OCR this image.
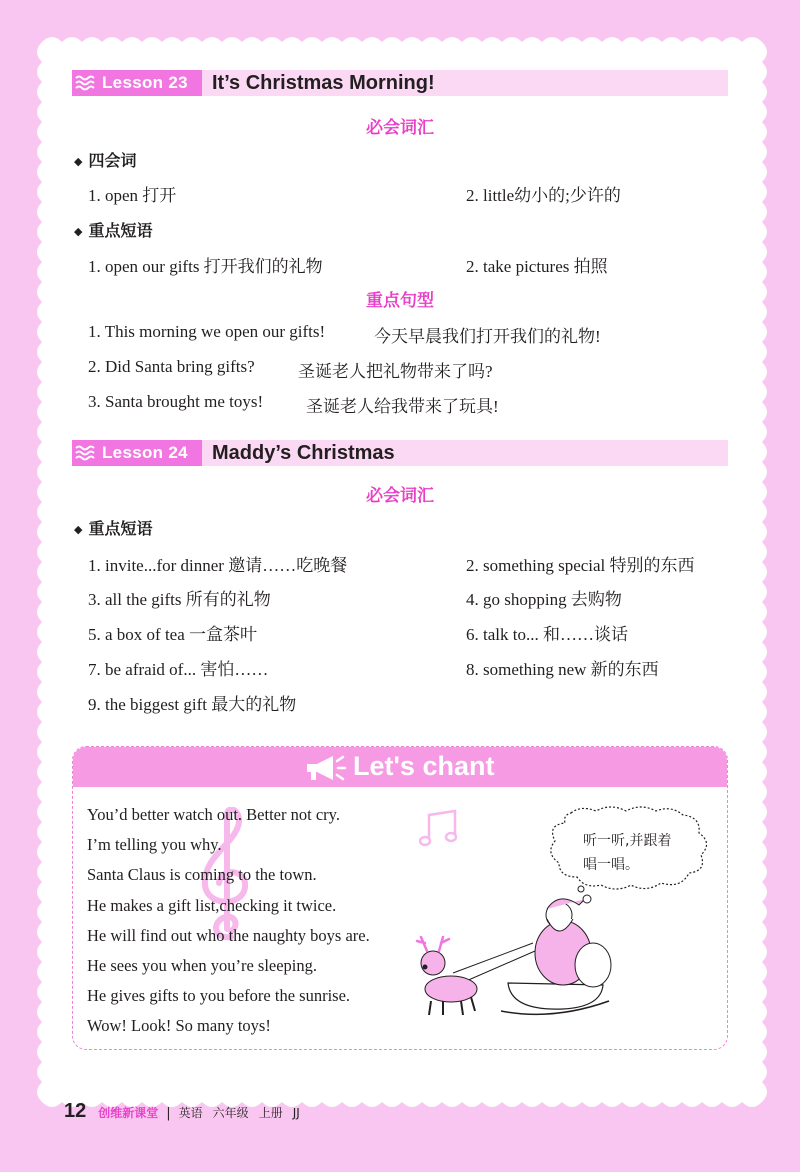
Lesson 23 It’s Christmas Morning!
必会词汇
◆ 四会词
1. open 打开	2. little幼小的;少许的
◆ 重点短语
1. open our gifts 打开我们的礼物	2. take pictures 拍照
重点句型
1. This morning we open our gifts!	今天早晨我们打开我们的礼物!
2. Did Santa bring gifts?	圣诞老人把礼物带来了吗?
3. Santa brought me toys!	圣诞老人给我带来了玩具!
Lesson 24 Maddy’s Christmas
必会词汇
◆ 重点短语
1. invite...for dinner 邀请……吃晚餐	2. something special 特别的东西
3. all the gifts 所有的礼物	4. go shopping 去购物
5. a box of tea 一盒茶叶	6. talk to... 和……谈话
7. be afraid of... 害怕……	8. something new 新的东西
9. the biggest gift 最大的礼物
Let's chant
You’d better watch out. Better not cry.
I’m telling you why.
Santa Claus is coming to the town.
He makes a gift list,checking it twice.
He will find out who the naughty boys are.
He sees you when you’re sleeping.
He gives gifts to you before the sunrise.
Wow! Look! So many toys!
听一听,并跟着
唱一唱。
12 创维新课堂 | 英语 六年级 上册 JJ
